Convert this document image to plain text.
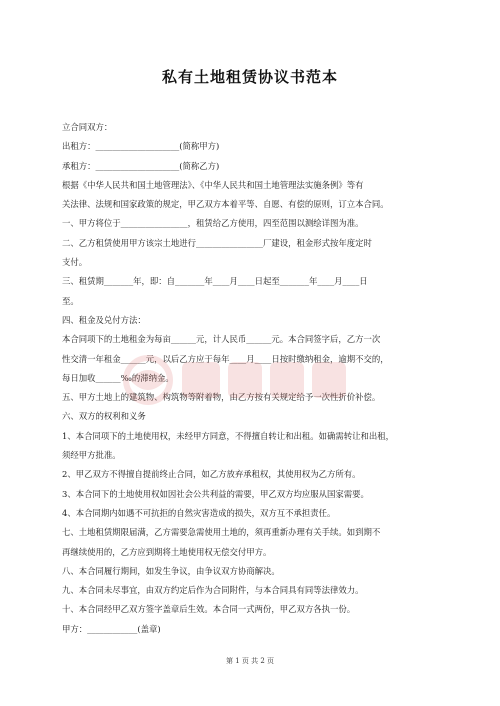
私有土地租赁协议书范本
立合同双方：
出租方：____________________(简称甲方)
承租方：____________________(简称乙方)
根据《中华人民共和国土地管理法》、《中华人民共和国土地管理法实施条例》等有
关法律、法规和国家政策的规定，甲乙双方本着平等、自愿、有偿的原则，订立本合同。
一、甲方将位于________________，租赁给乙方使用，四至范围以测绘详图为准。
二、乙方租赁使用甲方该宗土地进行________________厂建设，租金形式按年度定时
支付。
三、租赁期_______年，即：自_______年____月____日起至_______年____月____日
至。
四、租金及兑付方法：
本合同项下的土地租金为每亩______元，计人民币______元。本合同签字后，乙方一次
性交清一年租金______元，以后乙方应于每年____月____日按时缴纳租金，逾期不交的，
每日加收______‰的滞纳金。
五、甲方土地上的建筑物、构筑物等附着物，由乙方按有关规定给予一次性折价补偿。
六、双方的权利和义务
1、本合同项下的土地使用权，未经甲方同意，不得擅自转让和出租。如确需转让和出租，
须经甲方批准。
2、甲乙双方不得擅自提前终止合同，如乙方放弃承租权，其使用权为乙方所有。
3、本合同下的土地使用权如因社会公共利益的需要，甲乙双方均应服从国家需要。
4、本合同期内如遇不可抗拒的自然灾害造成的损失，双方互不承担责任。
七、土地租赁期限届满，乙方需要急需使用土地的，须再重新办理有关手续。如到期不
再继续使用的，乙方应到期将土地使用权无偿交付甲方。
八、本合同履行期间，如发生争议，由争议双方协商解决。
九、本合同未尽事宜，由双方约定后作为合同附件，与本合同具有同等法律效力。
十、本合同经甲乙双方签字盖章后生效。本合同一式两份，甲乙双方各执一份。
甲方：____________(盖章)
第 1 页 共 2 页
